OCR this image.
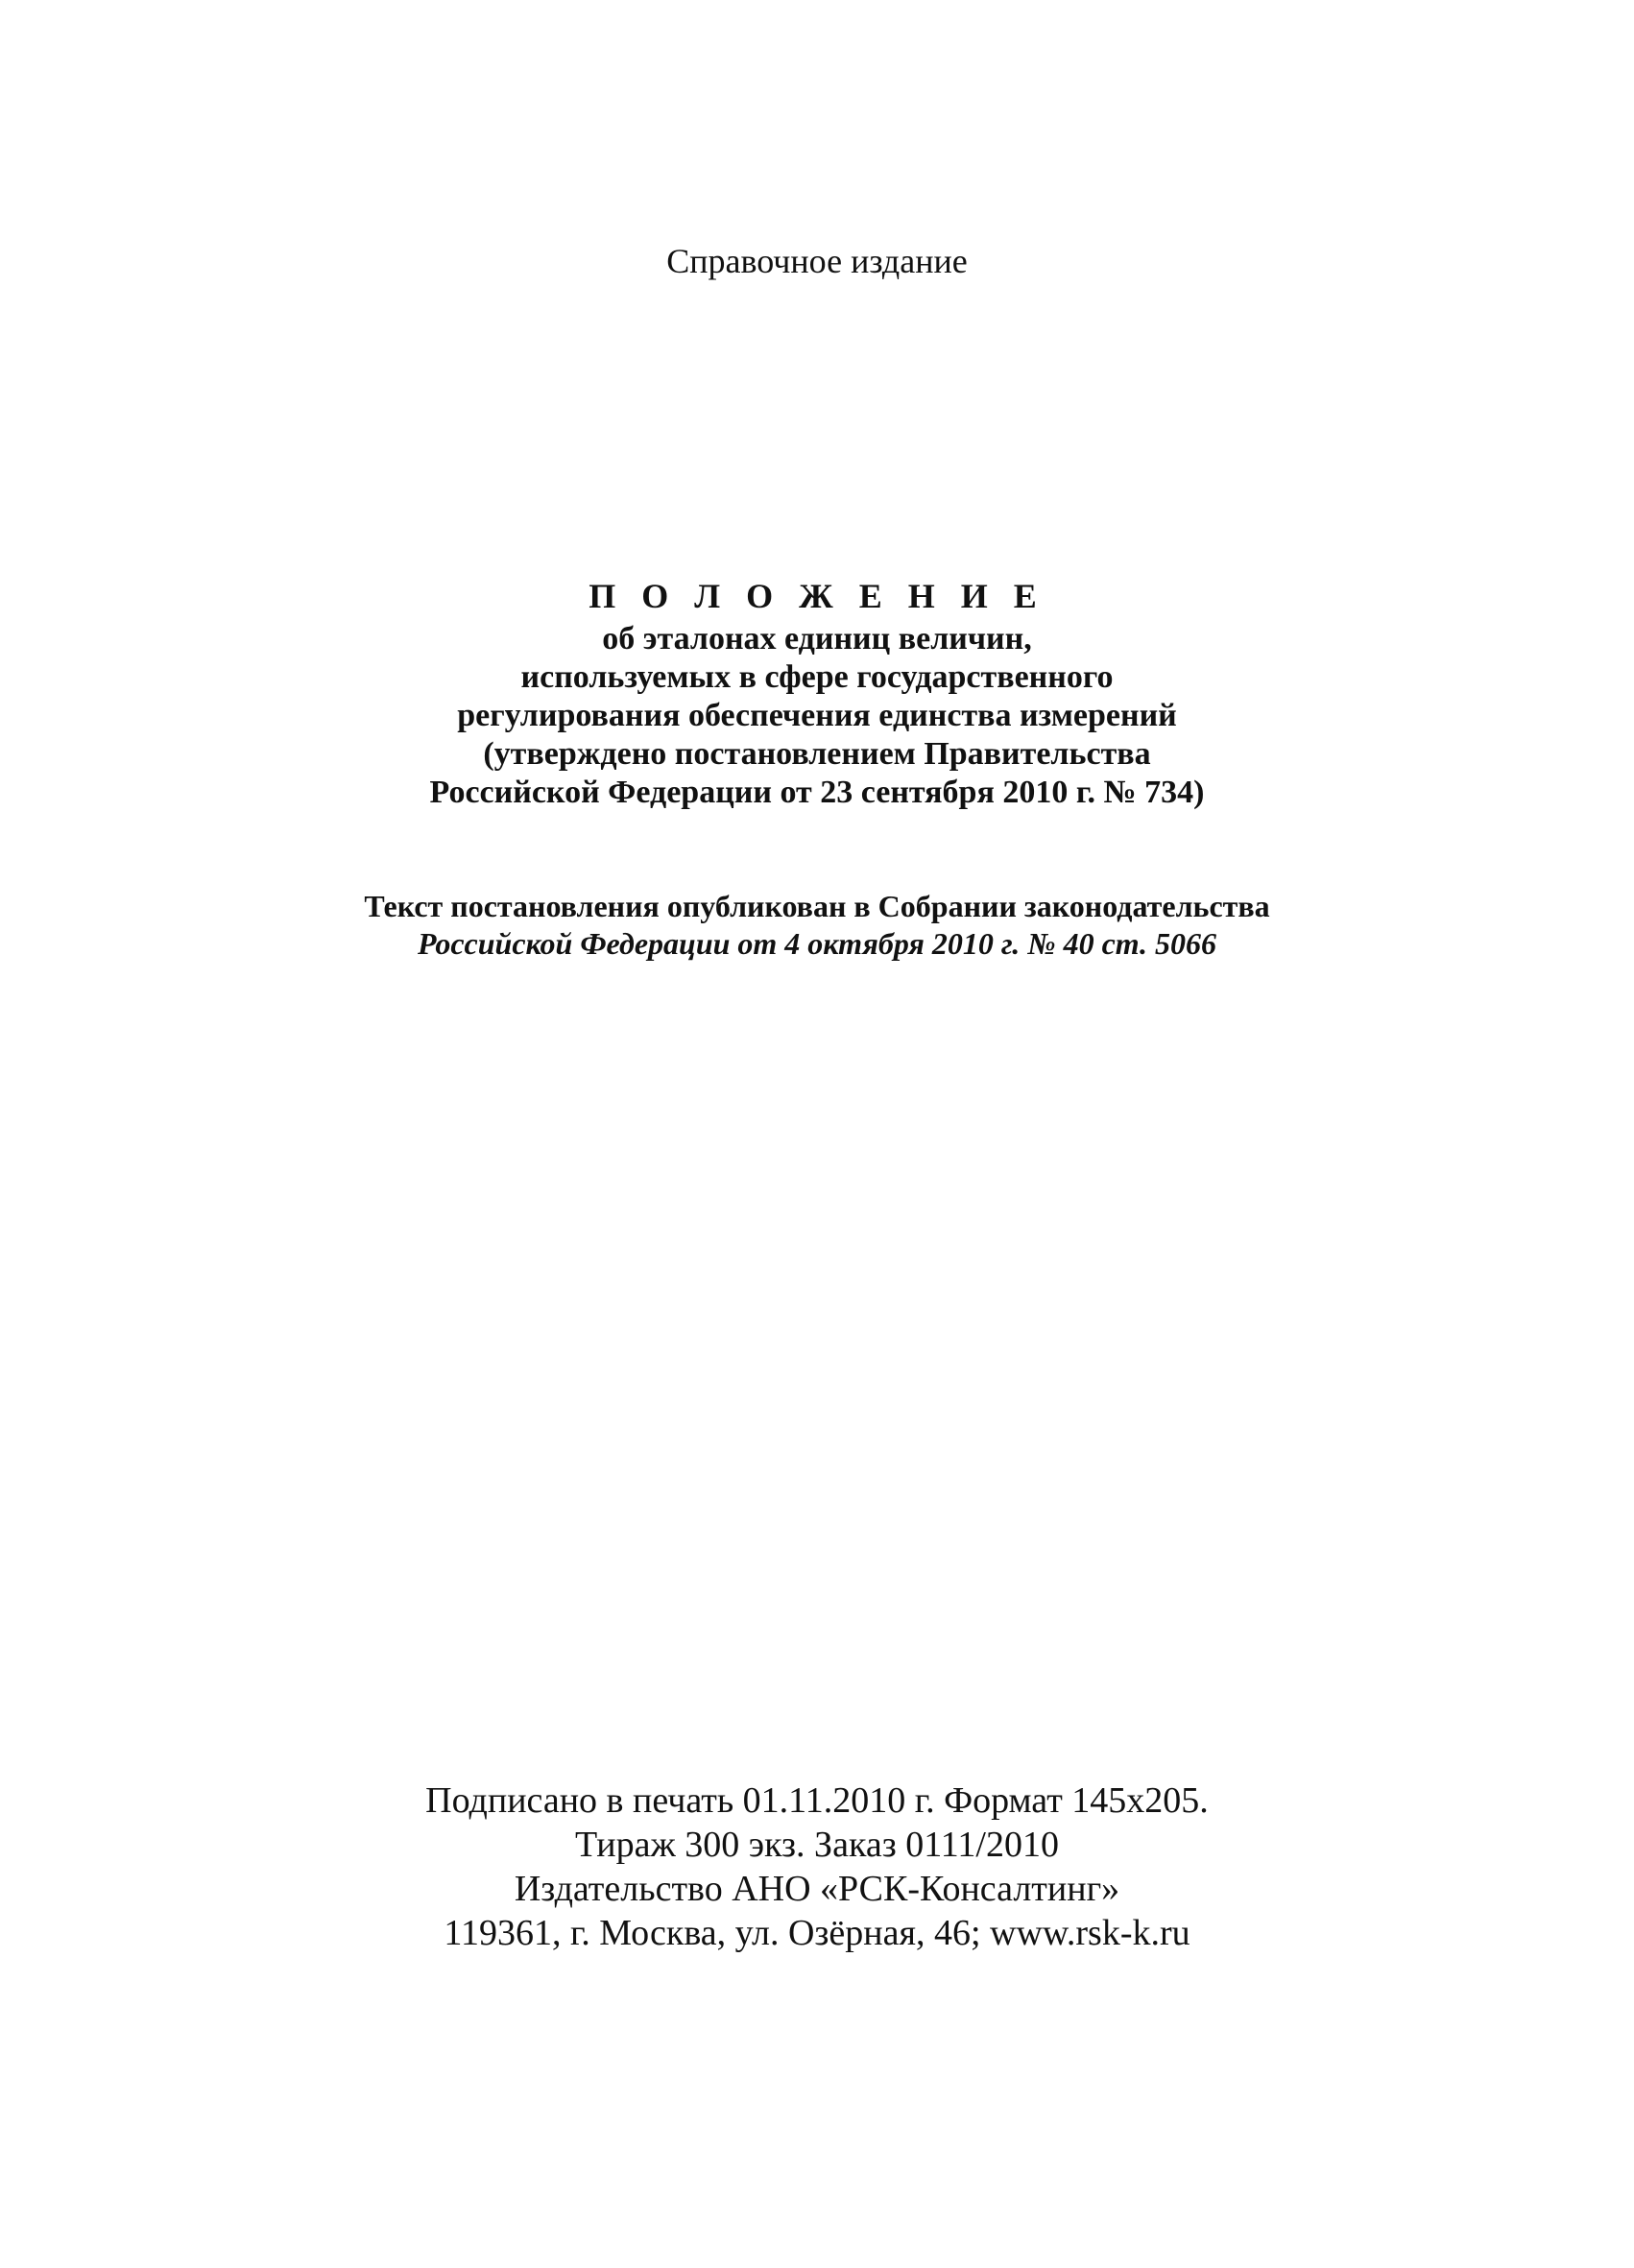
Справочное издание
П О Л О Ж Е Н И Е
об эталонах единиц величин,
используемых в сфере государственного
регулирования обеспечения единства измерений
(утверждено постановлением Правительства
Российской Федерации от 23 сентября 2010 г. № 734)
Текст постановления опубликован в Собрании законодательства
Российской Федерации от 4 октября 2010 г. № 40 ст. 5066
Подписано в печать 01.11.2010 г. Формат 145х205.
Тираж 300 экз. Заказ 0111/2010
Издательство АНО «РСК-Консалтинг»
119361, г. Москва, ул. Озёрная, 46; www.rsk-k.ru
